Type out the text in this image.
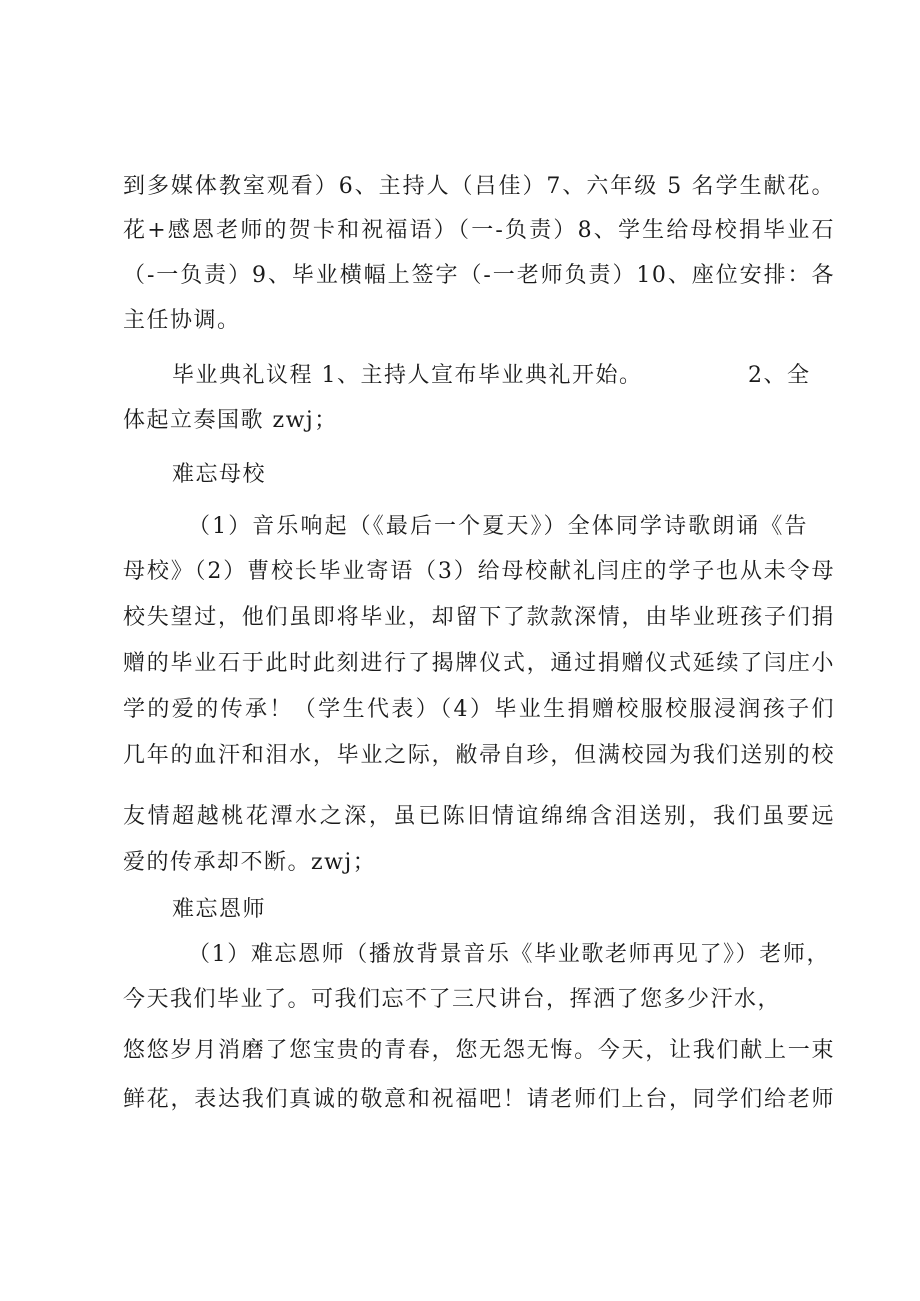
到多媒体教室观看）6、主持人（吕佳）7、六年级 5 名学生献花。
花+感恩老师的贺卡和祝福语）（一-负责）8、学生给母校捐毕业石
（-一负责）9、毕业横幅上签字（-一老师负责）10、座位安排：各
主任协调。
毕业典礼议程 1、主持人宣布毕业典礼开始。	2、全
体起立奏国歌 zwj；
难忘母校
（1）音乐响起（《最后一个夏天》）全体同学诗歌朗诵《告
母校》（2）曹校长毕业寄语（3）给母校献礼闫庄的学子也从未令母
校失望过，他们虽即将毕业，却留下了款款深情，由毕业班孩子们捐
赠的毕业石于此时此刻进行了揭牌仪式，通过捐赠仪式延续了闫庄小
学的爱的传承！（学生代表）（4）毕业生捐赠校服校服浸润孩子们
几年的血汗和泪水，毕业之际，敝帚自珍，但满校园为我们送别的校
友情超越桃花潭水之深，虽已陈旧情谊绵绵含泪送别，我们虽要远
爱的传承却不断。zwj；
难忘恩师
（1）难忘恩师（播放背景音乐《毕业歌老师再见了》）老师，
今天我们毕业了。可我们忘不了三尺讲台，挥洒了您多少汗水，
悠悠岁月消磨了您宝贵的青春，您无怨无悔。今天，让我们献上一束
鲜花，表达我们真诚的敬意和祝福吧！请老师们上台，同学们给老师
